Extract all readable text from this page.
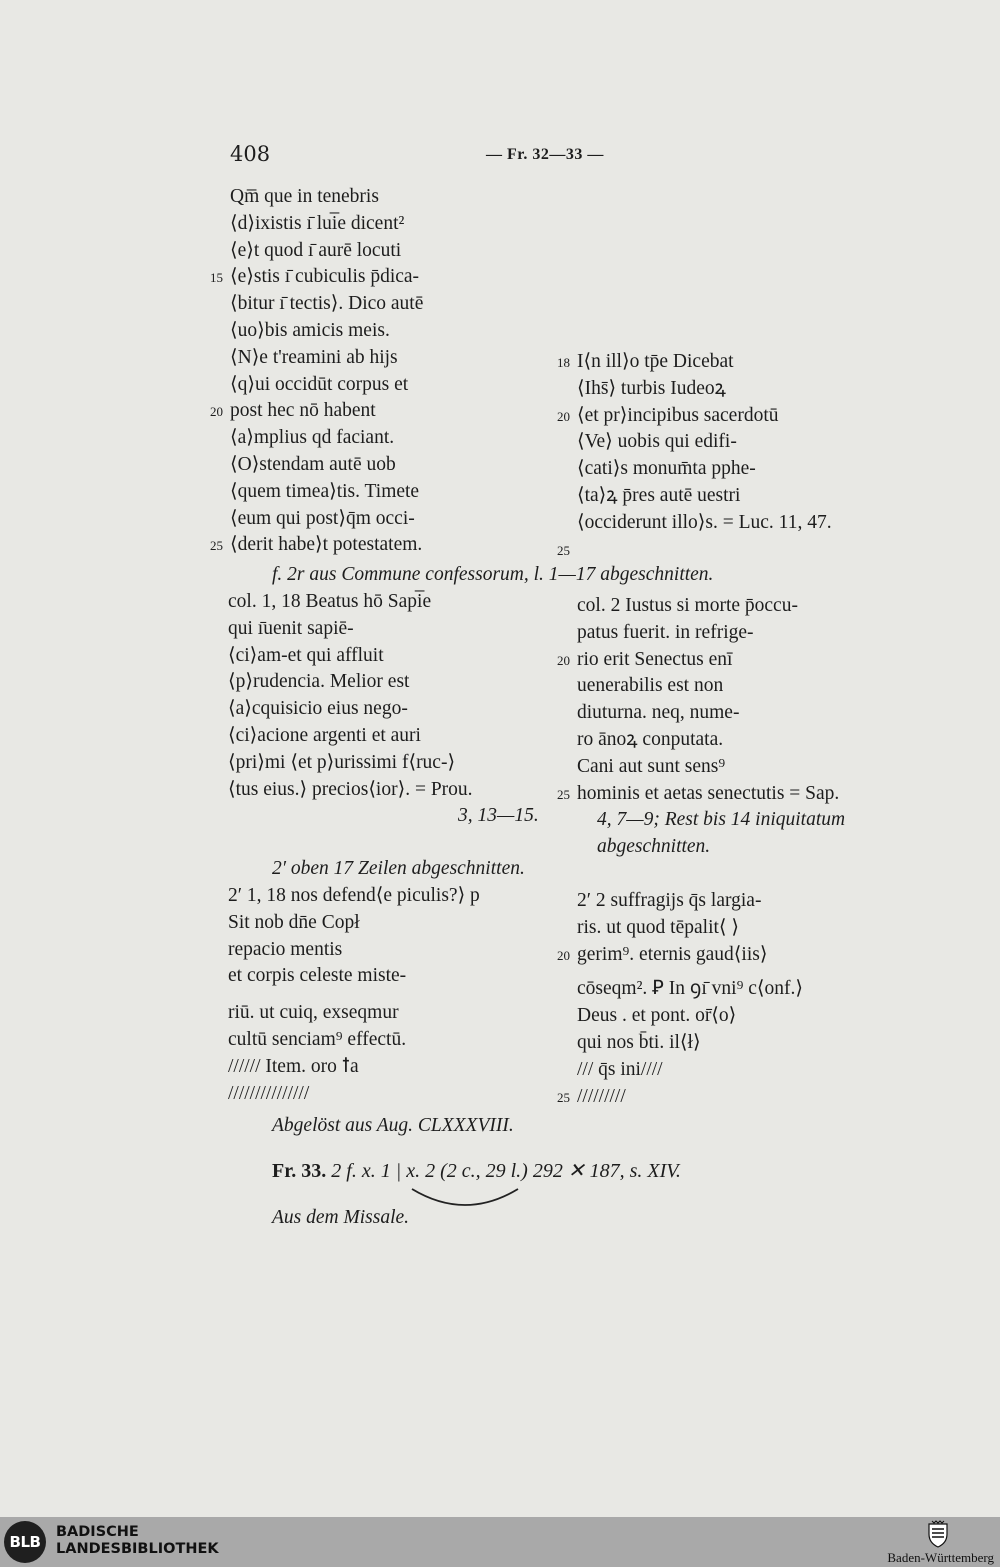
408	— Fr. 32—33 —
Qm̅ que in tenebris
⟨d⟩ixistis ı̄ lui̅e dicent²
⟨e⟩t quod ı̄ aurē locuti
15 ⟨e⟩stis ı̄ cubiculis p̄dica-
⟨bitur ı̄ tectis⟩. Dico autē
⟨uo⟩bis amicis meis.
⟨N⟩e t'reamini ab hijs
⟨q⟩ui occidūt corpus et
20 post hec nō habent
⟨a⟩mplius qd faciant.
⟨O⟩stendam autē uob
⟨quem timea⟩tis. Timete
⟨eum qui post⟩q̄m occi-
25 ⟨derit habe⟩t potestatem.
18 I⟨n ill⟩o tp̄e Dicebat
⟨Ihs̄⟩ turbis Iudeoꝝ
20 ⟨et pr⟩incipibus sacerdotū
⟨Ve⟩ uobis qui edifi-
⟨cati⟩s monum̄ta pphe-
⟨ta⟩ꝝ p̄res autē uestri
⟨occiderunt illo⟩s. = Luc. 11, 47.
25
f. 2r aus Commune confessorum, l. 1—17 abgeschnitten.
col. 1, 18 Beatus hō Sapi̅e
qui ı̄uenit sapiē-
⟨ci⟩am-et qui affluit
⟨p⟩rudencia. Melior est
⟨a⟩cquisicio eius nego-
⟨ci⟩acione argenti et auri
⟨pri⟩mi ⟨et p⟩urissimi f⟨ruc-⟩
⟨tus eius.⟩ precios⟨ior⟩. = Prou.
3, 13—15.
col. 2 Iustus si morte p̄occu-
patus fuerit. in refrige-
20 rio erit Senectus enī
uenerabilis est non
diuturna. neq, nume-
ro ānoꝝ conputata.
Cani aut sunt sens⁹
25 hominis et aetas senectutis = Sap.
4, 7—9; Rest bis 14 iniquitatum
abgeschnitten.
2′ oben 17 Zeilen abgeschnitten.
2′ 1, 18 nos defend⟨e piculis?⟩ p
Sit nob dn̄e Copł
repacio mentis
et corpis celeste miste-
riū. ut cuiq, exseqmur
cultū senciam⁹ effectū.
////// Item. oro ꝉa
///////////////
Abgelöst aus Aug. CLXXXVIII.
2′ 2 suffragijs q̄s largia-
ris. ut quod tēpalit⟨ ⟩
20 gerim⁹. eternis gaud⟨iis⟩
cōseqm². Ꝑ In ꝯı̄ vni⁹ c⟨onf.⟩
Deus . et pont. or̄⟨o⟩
qui nos b̄ti. il⟨ł⟩
/// q̄s ini////
25 /////////
Fr. 33. 2 f. x. 1 | x. 2 (2 c., 29 l.) 292 ✕ 187, s. XIV.
Aus dem Missale.
BLB
BADISCHE
LANDESBIBLIOTHEK
Baden-Württemberg
